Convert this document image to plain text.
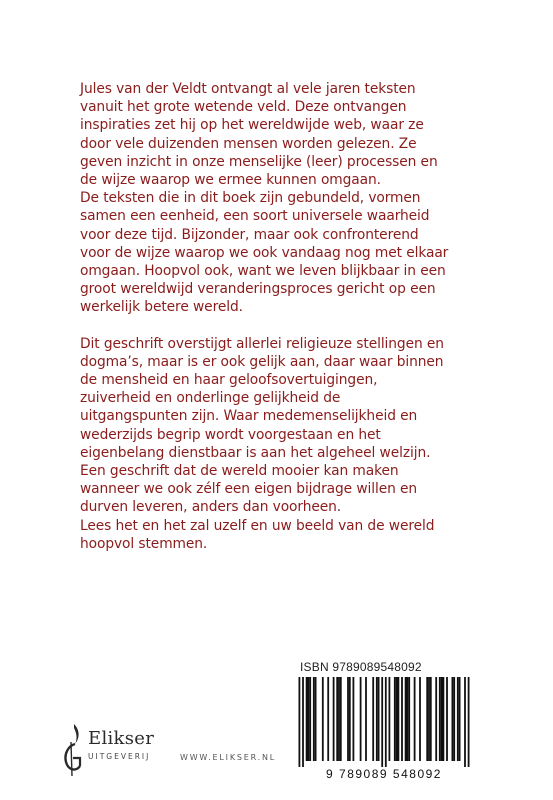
Jules van der Veldt ontvangt al vele jaren teksten
vanuit het grote wetende veld. Deze ontvangen
inspiraties zet hij op het wereldwijde web, waar ze
door vele duizenden mensen worden gelezen. Ze
geven inzicht in onze menselijke (leer) processen en
de wijze waarop we ermee kunnen omgaan.
De teksten die in dit boek zijn gebundeld, vormen
samen een eenheid, een soort universele waarheid
voor deze tijd. Bijzonder, maar ook confronterend
voor de wijze waarop we ook vandaag nog met elkaar
omgaan. Hoopvol ook, want we leven blijkbaar in een
groot wereldwijd veranderingsproces gericht op een
werkelijk betere wereld.

Dit geschrift overstijgt allerlei religieuze stellingen en
dogma’s, maar is er ook gelijk aan, daar waar binnen
de mensheid en haar geloofsovertuigingen,
zuiverheid en onderlinge gelijkheid de
uitgangspunten zijn. Waar medemenselijkheid en
wederzijds begrip wordt voorgestaan en het
eigenbelang dienstbaar is aan het algeheel welzijn.
Een geschrift dat de wereld mooier kan maken
wanneer we ook zélf een eigen bijdrage willen en
durven leveren, anders dan voorheen.
Lees het en het zal uzelf en uw beeld van de wereld
hoopvol stemmen.

Elikser
UITGEVERIJ	WWW.ELIKSER.NL
ISBN 9789089548092
9 789089 548092
